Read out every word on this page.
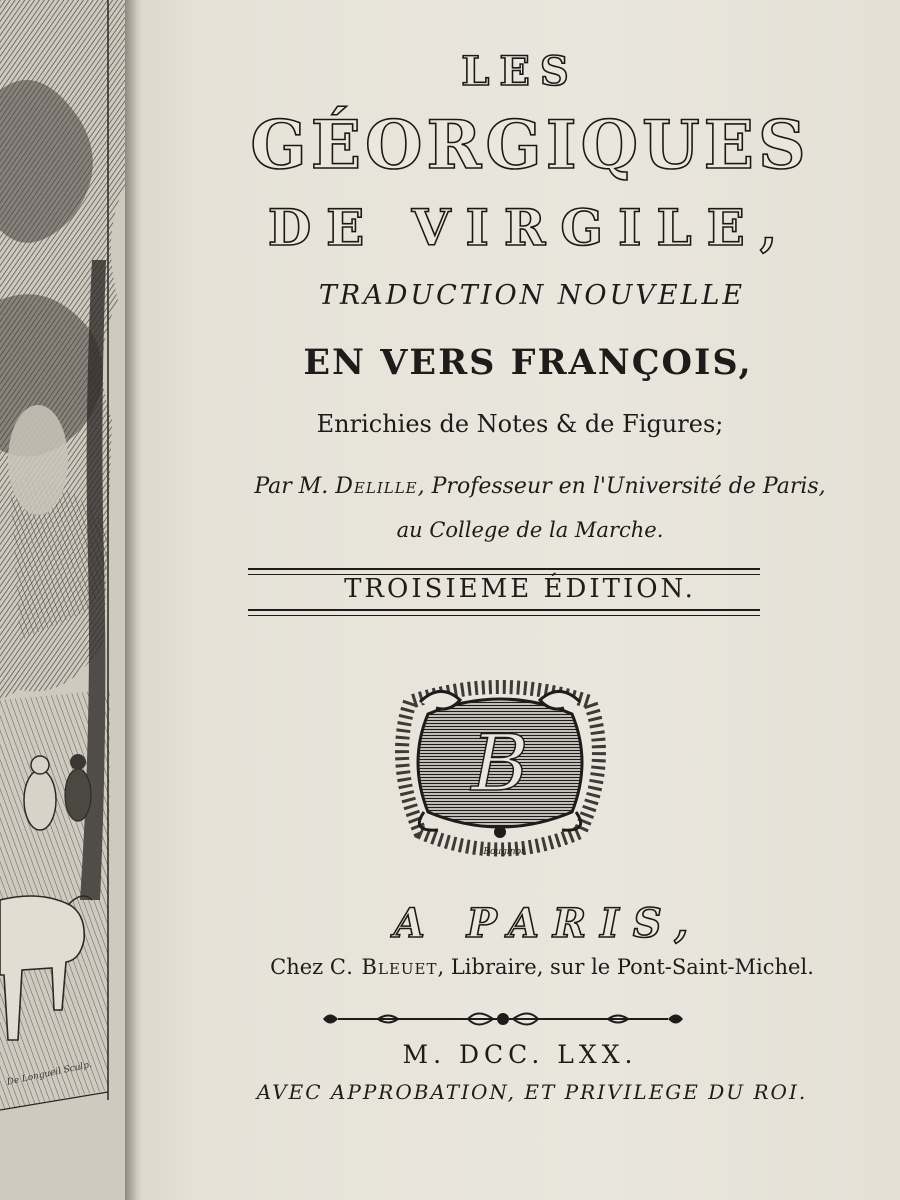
De Longueil Sculp.

LES

GÉORGIQUES

DE VIRGILE,

TRADUCTION NOUVELLE

EN VERS FRANÇOIS,

Enrichies de Notes & de Figures;

Par M. Delille, Professeur en l'Université de Paris,

au College de la Marche.

TROISIEME ÉDITION.

B
Bouginot

A PARIS,

Chez C. Bleuet, Libraire, sur le Pont-Saint-Michel.

M. DCC. LXX.

AVEC APPROBATION, ET PRIVILEGE DU ROI.
